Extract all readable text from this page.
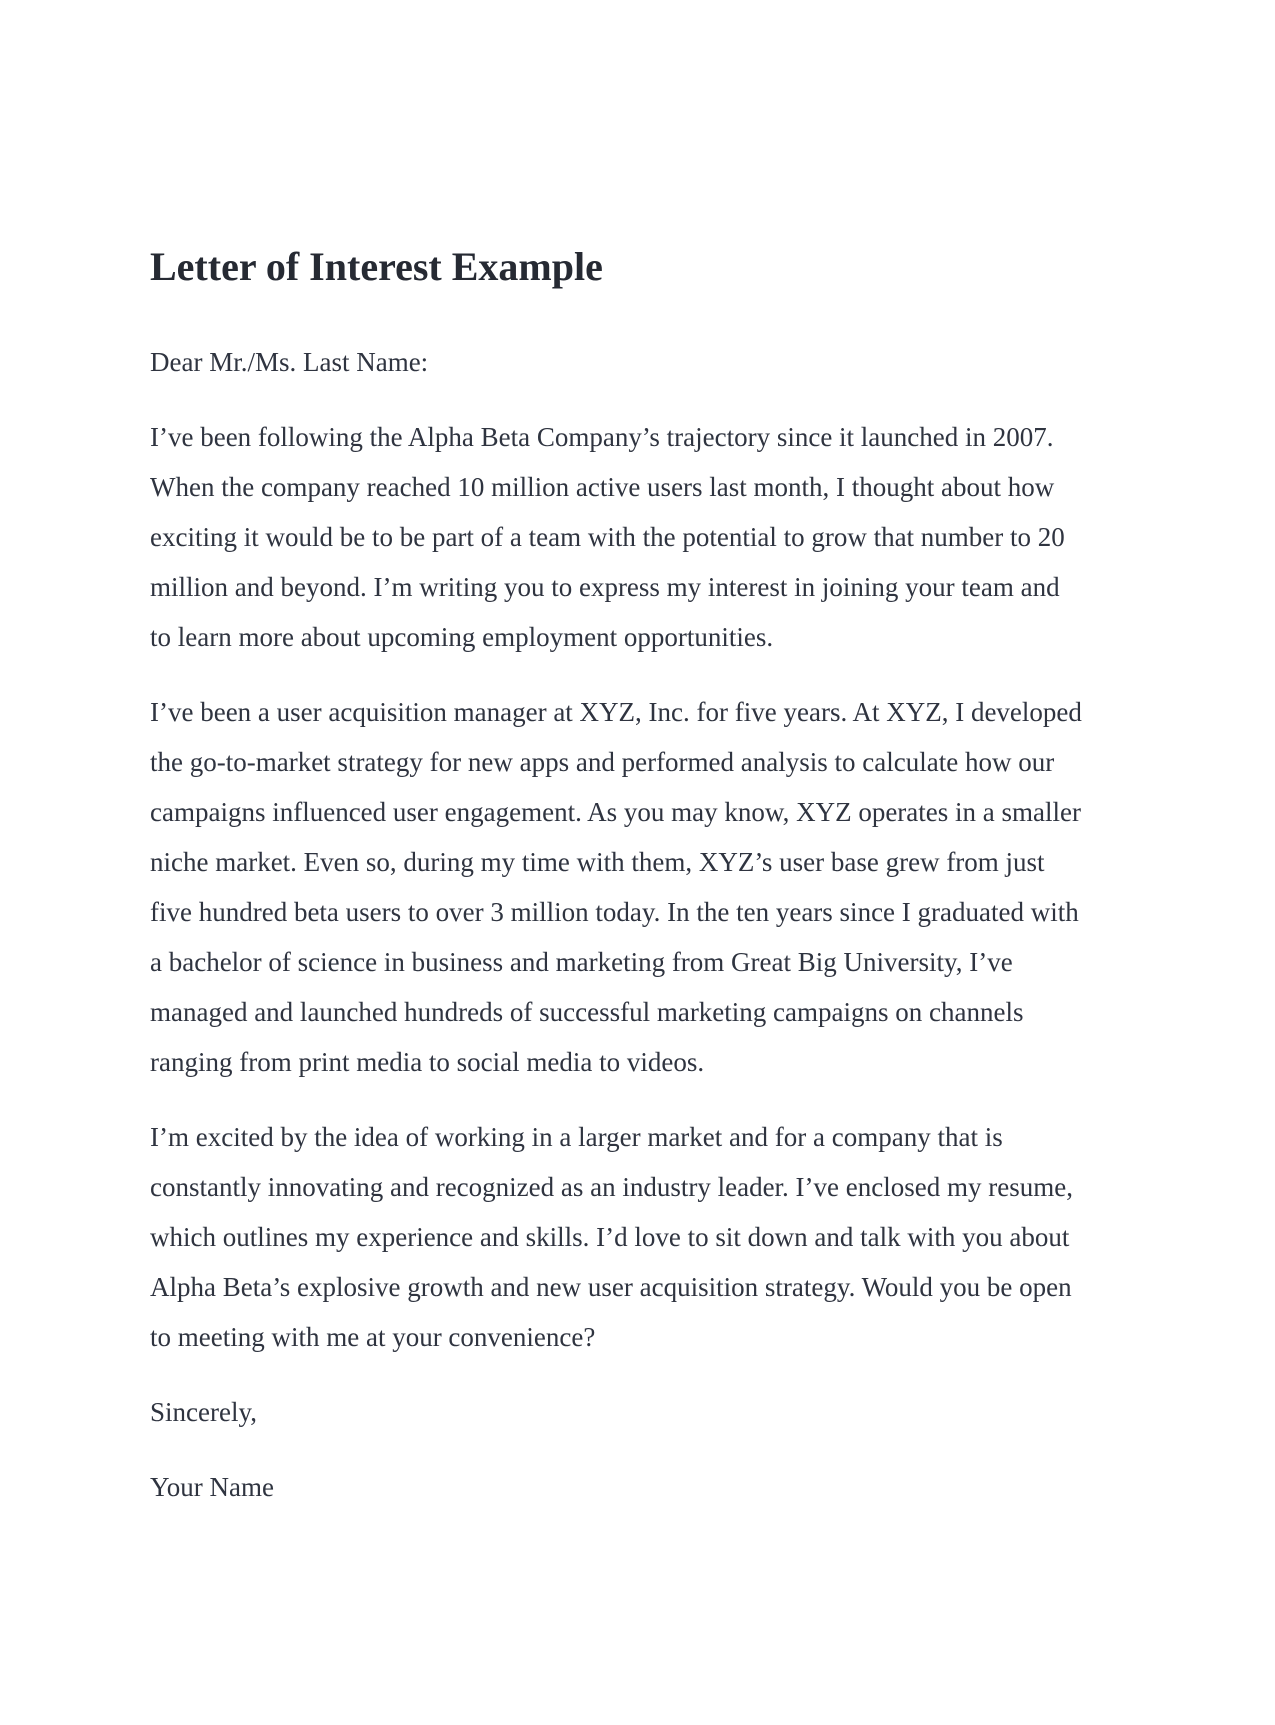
Letter of Interest Example

Dear Mr./Ms. Last Name:

I’ve been following the Alpha Beta Company’s trajectory since it launched in 2007.
When the company reached 10 million active users last month, I thought about how
exciting it would be to be part of a team with the potential to grow that number to 20
million and beyond. I’m writing you to express my interest in joining your team and
to learn more about upcoming employment opportunities.
I’ve been a user acquisition manager at XYZ, Inc. for five years. At XYZ, I developed
the go-to-market strategy for new apps and performed analysis to calculate how our
campaigns influenced user engagement. As you may know, XYZ operates in a smaller
niche market. Even so, during my time with them, XYZ’s user base grew from just
five hundred beta users to over 3 million today. In the ten years since I graduated with
a bachelor of science in business and marketing from Great Big University, I’ve
managed and launched hundreds of successful marketing campaigns on channels
ranging from print media to social media to videos.
I’m excited by the idea of working in a larger market and for a company that is
constantly innovating and recognized as an industry leader. I’ve enclosed my resume,
which outlines my experience and skills. I’d love to sit down and talk with you about
Alpha Beta’s explosive growth and new user acquisition strategy. Would you be open
to meeting with me at your convenience?

Sincerely,

Your Name
